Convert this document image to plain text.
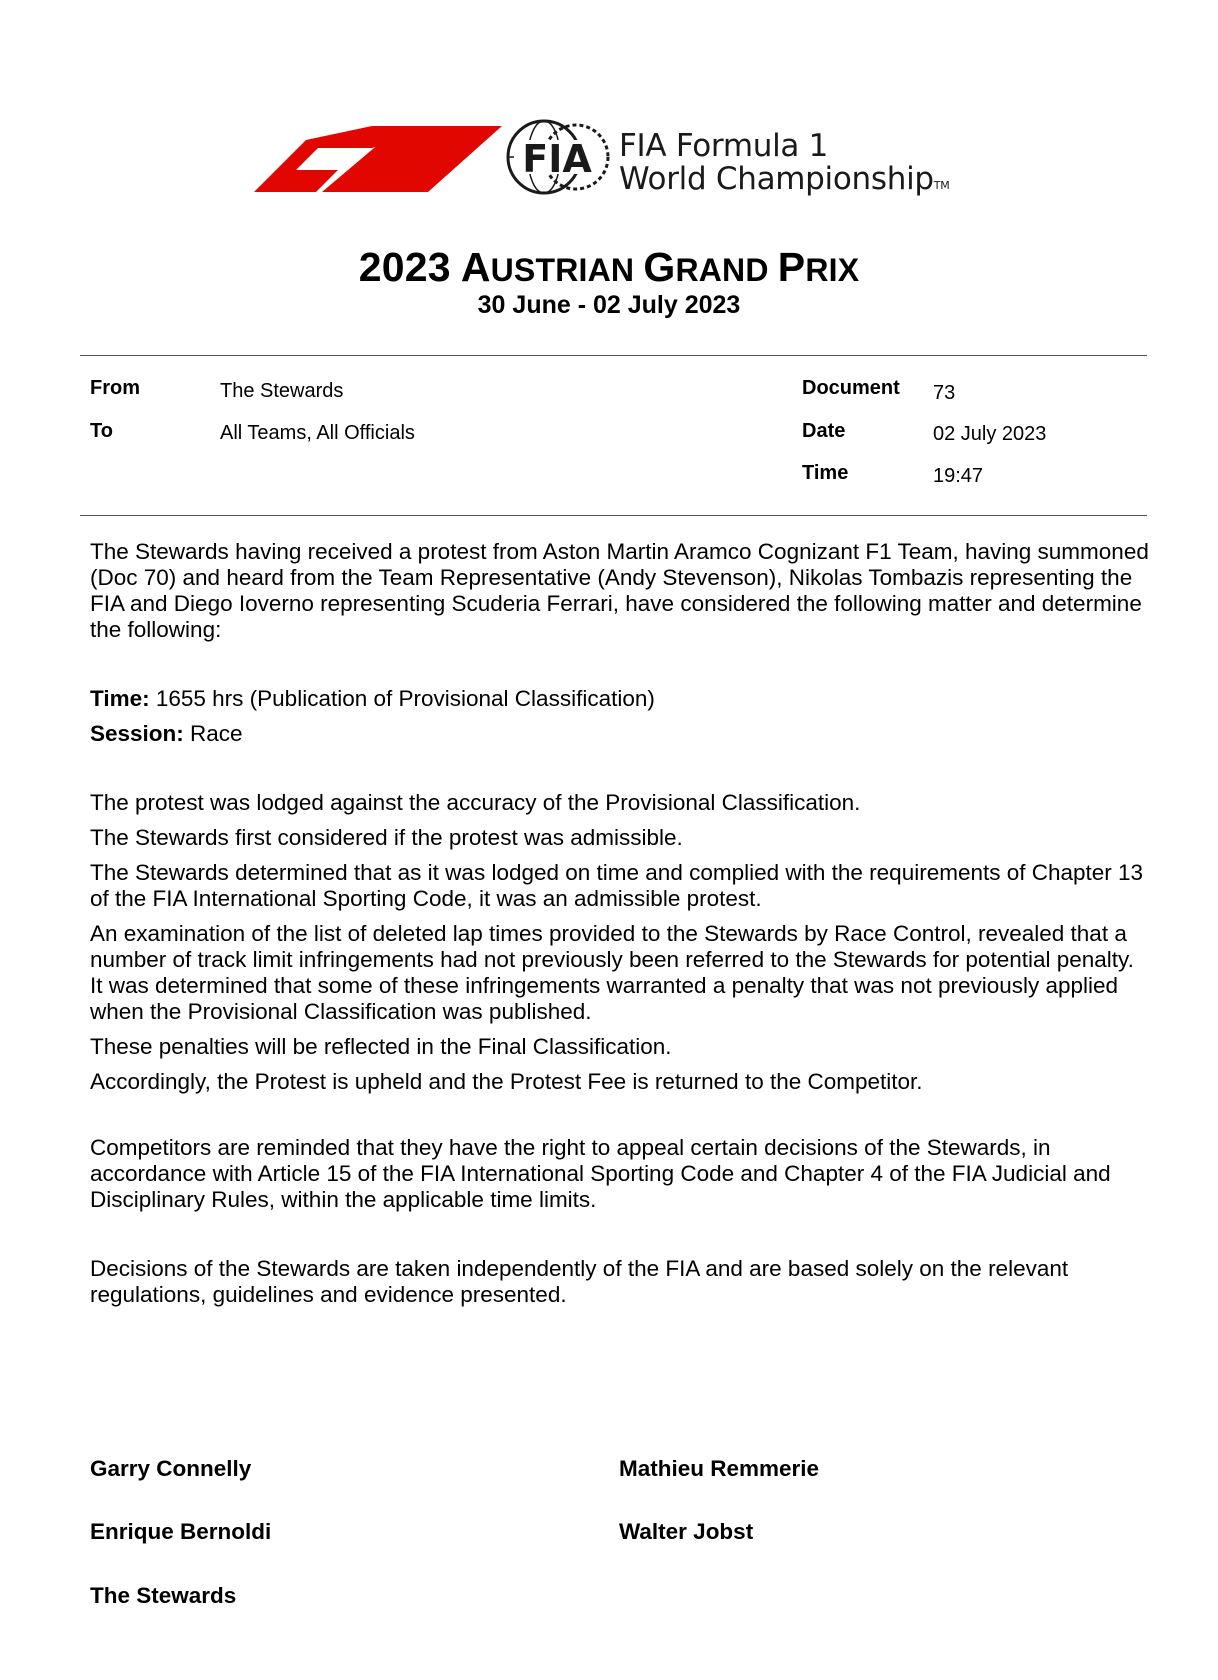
FIA FIA Formula 1
World ChampionshipTM
2023 AUSTRIAN GRAND PRIX
30 June - 02 July 2023
From	The Stewards
To	All Teams, All Officials
Document 73
Date	02 July 2023
Time	19:47

The Stewards having received a protest from Aston Martin Aramco Cognizant F1 Team, having summoned (Doc 70) and heard from the Team Representative (Andy Stevenson), Nikolas Tombazis representing the FIA and Diego Ioverno representing Scuderia Ferrari, have considered the following matter and determine the following:

Time: 1655 hrs (Publication of Provisional Classification)

Session: Race

The protest was lodged against the accuracy of the Provisional Classification.

The Stewards first considered if the protest was admissible.

The Stewards determined that as it was lodged on time and complied with the requirements of Chapter 13 of the FIA International Sporting Code, it was an admissible protest.

An examination of the list of deleted lap times provided to the Stewards by Race Control, revealed that a number of track limit infringements had not previously been referred to the Stewards for potential penalty. It was determined that some of these infringements warranted a penalty that was not previously applied when the Provisional Classification was published.

These penalties will be reflected in the Final Classification.

Accordingly, the Protest is upheld and the Protest Fee is returned to the Competitor.

Competitors are reminded that they have the right to appeal certain decisions of the Stewards, in accordance with Article 15 of the FIA International Sporting Code and Chapter 4 of the FIA Judicial and Disciplinary Rules, within the applicable time limits.

Decisions of the Stewards are taken independently of the FIA and are based solely on the relevant regulations, guidelines and evidence presented.

Garry Connelly
Enrique Bernoldi
The Stewards
Mathieu Remmerie
Walter Jobst
